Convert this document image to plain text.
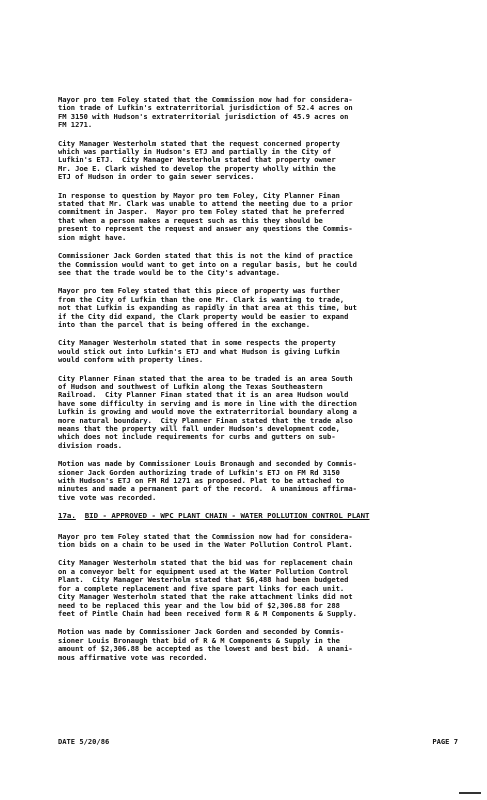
Mayor pro tem Foley stated that the Commission now had for considera-
tion trade of Lufkin's extraterritorial jurisdiction of 52.4 acres on
FM 3150 with Hudson's extraterritorial jurisdiction of 45.9 acres on
FM 1271.

City Manager Westerholm stated that the request concerned property
which was partially in Hudson's ETJ and partially in the City of
Lufkin's ETJ.  City Manager Westerholm stated that property owner
Mr. Joe E. Clark wished to develop the property wholly within the
ETJ of Hudson in order to gain sewer services.

In response to question by Mayor pro tem Foley, City Planner Finan
stated that Mr. Clark was unable to attend the meeting due to a prior
commitment in Jasper.  Mayor pro tem Foley stated that he preferred
that when a person makes a request such as this they should be
present to represent the request and answer any questions the Commis-
sion might have.

Commissioner Jack Gorden stated that this is not the kind of practice
the Commission would want to get into on a regular basis, but he could
see that the trade would be to the City's advantage.

Mayor pro tem Foley stated that this piece of property was further
from the City of Lufkin than the one Mr. Clark is wanting to trade,
not that Lufkin is expanding as rapidly in that area at this time, but
if the City did expand, the Clark property would be easier to expand
into than the parcel that is being offered in the exchange.

City Manager Westerholm stated that in some respects the property
would stick out into Lufkin's ETJ and what Hudson is giving Lufkin
would conform with property lines.

City Planner Finan stated that the area to be traded is an area South
of Hudson and southwest of Lufkin along the Texas Southeastern
Railroad.  City Planner Finan stated that it is an area Hudson would
have some difficulty in serving and is more in line with the direction
Lufkin is growing and would move the extraterritorial boundary along a
more natural boundary.  City Planner Finan stated that the trade also
means that the property will fall under Hudson's development code,
which does not include requirements for curbs and gutters on sub-
division roads.

Motion was made by Commissioner Louis Bronaugh and seconded by Commis-
sioner Jack Gorden authorizing trade of Lufkin's ETJ on FM Rd 3150
with Hudson's ETJ on FM Rd 1271 as proposed. Plat to be attached to
minutes and made a permanent part of the record.  A unanimous affirma-
tive vote was recorded.

17a. BID - APPROVED - WPC PLANT CHAIN - WATER POLLUTION CONTROL PLANT

Mayor pro tem Foley stated that the Commission now had for considera-
tion bids on a chain to be used in the Water Pollution Control Plant.

City Manager Westerholm stated that the bid was for replacement chain
on a conveyor belt for equipment used at the Water Pollution Control
Plant.  City Manager Westerholm stated that $6,488 had been budgeted
for a complete replacement and five spare part links for each unit.
City Manager Westerholm stated that the rake attachment links did not
need to be replaced this year and the low bid of $2,306.88 for 288
feet of Pintle Chain had been received form R & M Components & Supply.

Motion was made by Commissioner Jack Gorden and seconded by Commis-
sioner Louis Bronaugh that bid of R & M Components & Supply in the
amount of $2,306.88 be accepted as the lowest and best bid.  A unani-
mous affirmative vote was recorded.

DATE 5/20/86	PAGE 7
